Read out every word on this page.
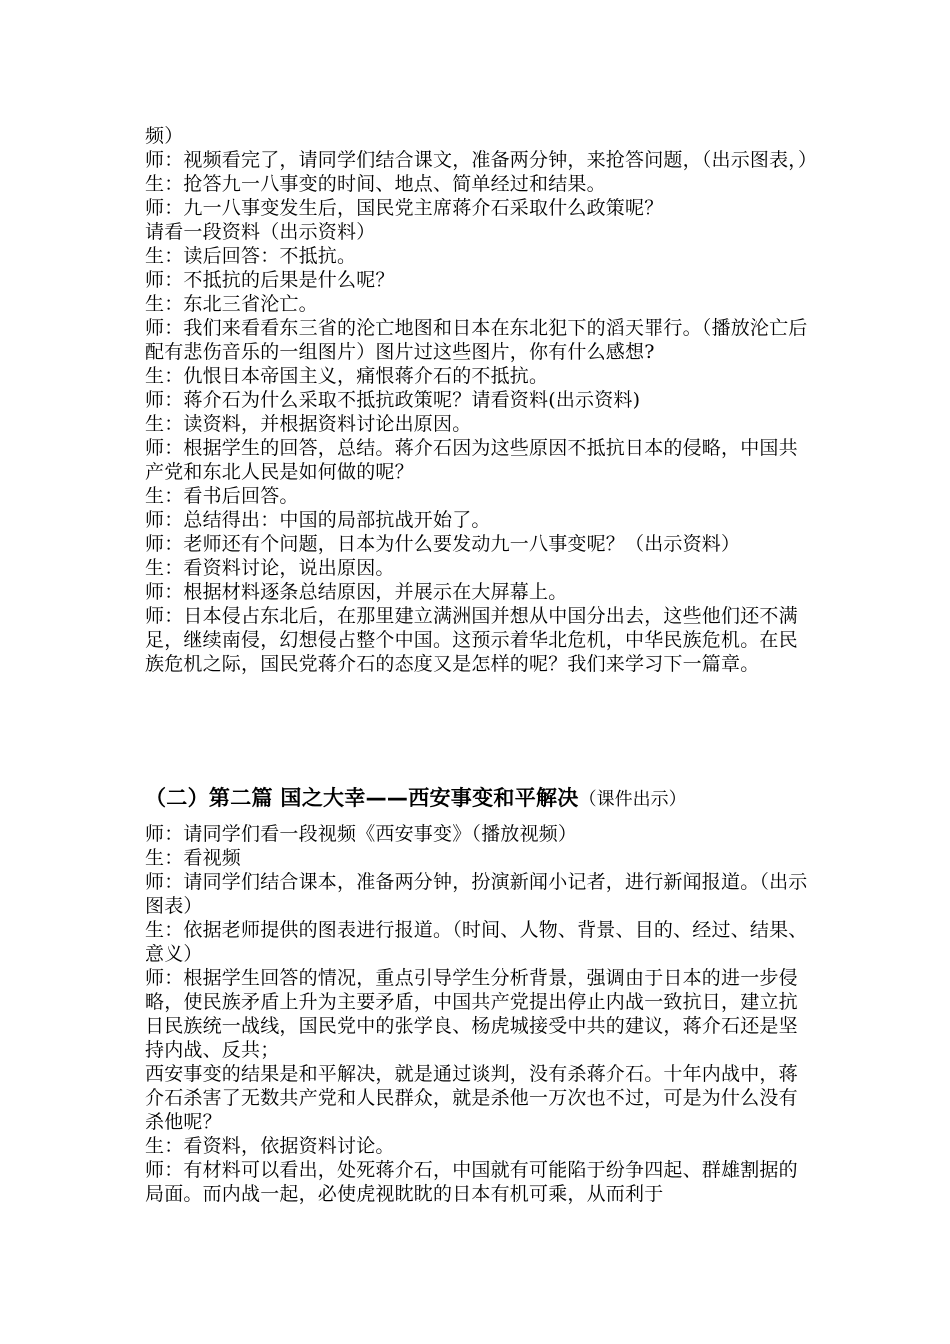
频）

师：视频看完了，请同学们结合课文，准备两分钟，来抢答问题，（出示图表，）

生：抢答九一八事变的时间、地点、简单经过和结果。

师：九一八事变发生后，国民党主席蒋介石采取什么政策呢？

请看一段资料（出示资料）

生：读后回答：不抵抗。

师：不抵抗的后果是什么呢？

生：东北三省沦亡。

师：我们来看看东三省的沦亡地图和日本在东北犯下的滔天罪行。（播放沦亡后配有悲伤音乐的一组图片）图片过这些图片，你有什么感想?

生：仇恨日本帝国主义，痛恨蒋介石的不抵抗。

师：蒋介石为什么采取不抵抗政策呢？请看资料(出示资料)

生：读资料，并根据资料讨论出原因。

师：根据学生的回答，总结。蒋介石因为这些原因不抵抗日本的侵略，中国共产党和东北人民是如何做的呢？

生：看书后回答。

师：总结得出：中国的局部抗战开始了。

师：老师还有个问题，日本为什么要发动九一八事变呢？（出示资料）

生：看资料讨论，说出原因。

师：根据材料逐条总结原因，并展示在大屏幕上。

师：日本侵占东北后，在那里建立满洲国并想从中国分出去，这些他们还不满足，继续南侵，幻想侵占整个中国。这预示着华北危机，中华民族危机。在民族危机之际，国民党蒋介石的态度又是怎样的呢？我们来学习下一篇章。

（二）第二篇 国之大幸——西安事变和平解决（课件出示）

师：请同学们看一段视频《西安事变》（播放视频）

生：看视频

师：请同学们结合课本，准备两分钟，扮演新闻小记者，进行新闻报道。（出示图表）

生：依据老师提供的图表进行报道。（时间、人物、背景、目的、经过、结果、意义）

师：根据学生回答的情况，重点引导学生分析背景，强调由于日本的进一步侵略，使民族矛盾上升为主要矛盾，中国共产党提出停止内战一致抗日，建立抗日民族统一战线，国民党中的张学良、杨虎城接受中共的建议，蒋介石还是坚持内战、反共；

西安事变的结果是和平解决，就是通过谈判，没有杀蒋介石。十年内战中，蒋介石杀害了无数共产党和人民群众，就是杀他一万次也不过，可是为什么没有杀他呢？

生：看资料，依据资料讨论。

师：有材料可以看出，处死蒋介石，中国就有可能陷于纷争四起、群雄割据的局面。而内战一起，必使虎视眈眈的日本有机可乘，从而利于
